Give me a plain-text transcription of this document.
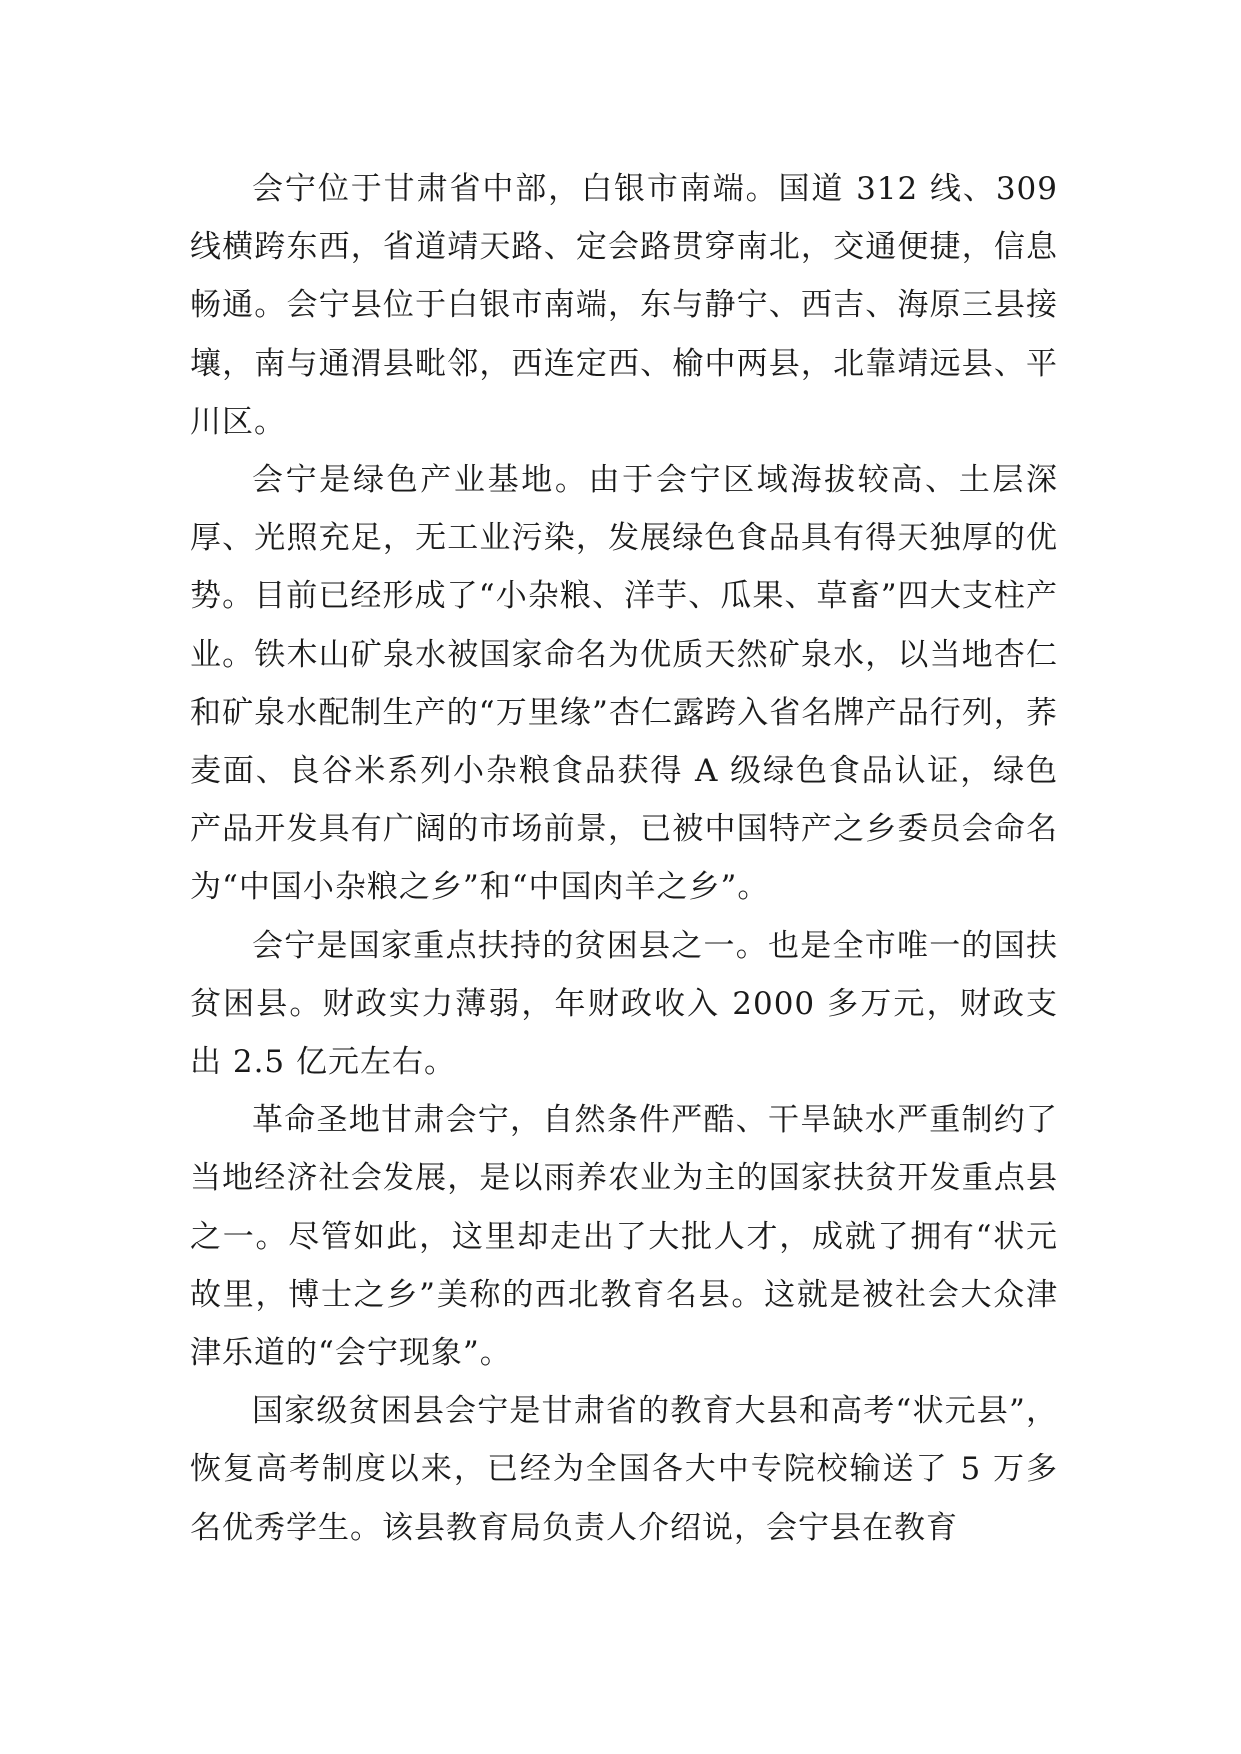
会宁位于甘肃省中部，白银市南端。国道 312 线、309 线横跨东西，省道靖天路、定会路贯穿南北，交通便捷，信息畅通。会宁县位于白银市南端，东与静宁、西吉、海原三县接壤，南与通渭县毗邻，西连定西、榆中两县，北靠靖远县、平川区。

会宁是绿色产业基地。由于会宁区域海拔较高、土层深厚、光照充足，无工业污染，发展绿色食品具有得天独厚的优势。目前已经形成了“小杂粮、洋芋、瓜果、草畜”四大支柱产业。铁木山矿泉水被国家命名为优质天然矿泉水，以当地杏仁和矿泉水配制生产的“万里缘”杏仁露跨入省名牌产品行列，荞麦面、良谷米系列小杂粮食品获得 A 级绿色食品认证，绿色产品开发具有广阔的市场前景，已被中国特产之乡委员会命名为“中国小杂粮之乡”和“中国肉羊之乡”。

会宁是国家重点扶持的贫困县之一。也是全市唯一的国扶贫困县。财政实力薄弱，年财政收入 2000 多万元，财政支出 2.5 亿元左右。

革命圣地甘肃会宁，自然条件严酷、干旱缺水严重制约了当地经济社会发展，是以雨养农业为主的国家扶贫开发重点县之一。尽管如此，这里却走出了大批人才，成就了拥有“状元故里，博士之乡”美称的西北教育名县。这就是被社会大众津津乐道的“会宁现象”。

国家级贫困县会宁是甘肃省的教育大县和高考“状元县”，恢复高考制度以来，已经为全国各大中专院校输送了 5 万多名优秀学生。该县教育局负责人介绍说，会宁县在教育
